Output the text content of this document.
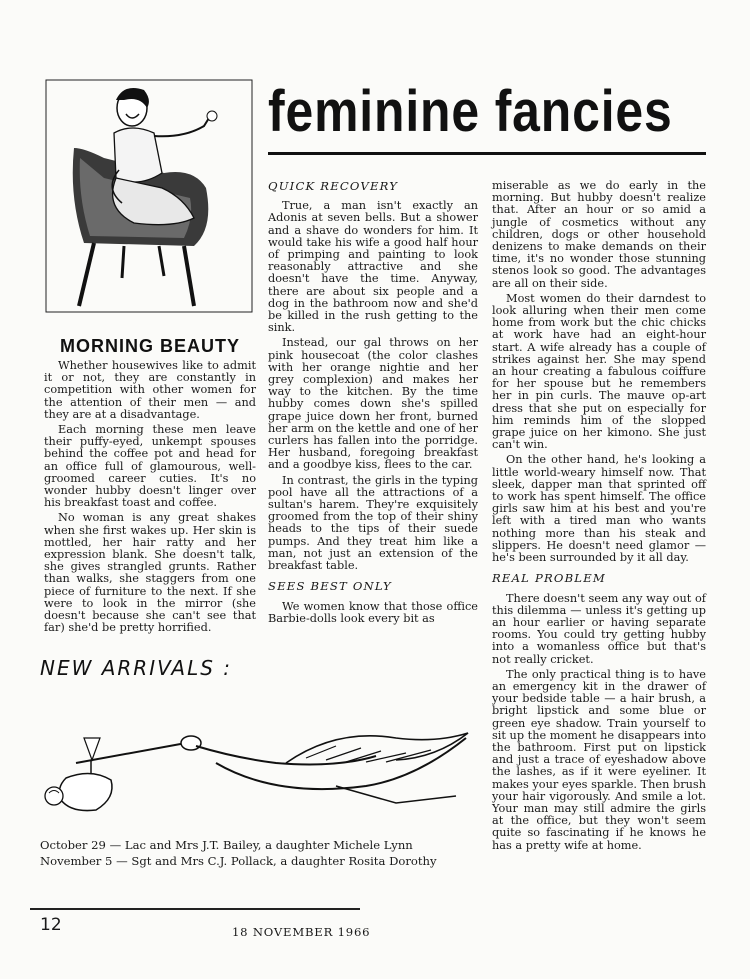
feminine fancies
MORNING BEAUTY

Whether housewives like to admit it or not, they are constantly in competition with other women for the attention of their men — and they are at a disadvantage.

Each morning these men leave their puffy-eyed, unkempt spouses behind the coffee pot and head for an office full of glamourous, well-groomed career cuties. It's no wonder hubby doesn't linger over his breakfast toast and coffee.

No woman is any great shakes when she first wakes up. Her skin is mottled, her hair ratty and her expression blank. She doesn't talk, she gives strangled grunts. Rather than walks, she staggers from one piece of furniture to the next. If she were to look in the mirror (she doesn't because she can't see that far) she'd be pretty horrified.

QUICK RECOVERY

True, a man isn't exactly an Adonis at seven bells. But a shower and a shave do wonders for him. It would take his wife a good half hour of primping and painting to look reasonably attractive and she doesn't have the time. Anyway, there are about six people and a dog in the bathroom now and she'd be killed in the rush getting to the sink.

Instead, our gal throws on her pink housecoat (the color clashes with her orange nightie and her grey complexion) and makes her way to the kitchen. By the time hubby comes down she's spilled grape juice down her front, burned her arm on the kettle and one of her curlers has fallen into the porridge. Her husband, foregoing breakfast and a goodbye kiss, flees to the car.

In contrast, the girls in the typing pool have all the attractions of a sultan's harem. They're exquisitely groomed from the top of their shiny heads to the tips of their suede pumps. And they treat him like a man, not just an extension of the breakfast table.

SEES BEST ONLY

We women know that those office Barbie-dolls look every bit as

miserable as we do early in the morning. But hubby doesn't realize that. After an hour or so amid a jungle of cosmetics without any children, dogs or other household denizens to make demands on their time, it's no wonder those stunning stenos look so good. The advantages are all on their side.

Most women do their darndest to look alluring when their men come home from work but the chic chicks at work have had an eight-hour start. A wife already has a couple of strikes against her. She may spend an hour creating a fabulous coiffure for her spouse but he remembers her in pin curls. The mauve op-art dress that she put on especially for him reminds him of the slopped grape juice on her kimono. She just can't win.

On the other hand, he's looking a little world-weary himself now. That sleek, dapper man that sprinted off to work has spent himself. The office girls saw him at his best and you're left with a tired man who wants nothing more than his steak and slippers. He doesn't need glamor — he's been surrounded by it all day.

REAL PROBLEM

There doesn't seem any way out of this dilemma — unless it's getting up an hour earlier or having separate rooms. You could try getting hubby into a womanless office but that's not really cricket.

The only practical thing is to have an emergency kit in the drawer of your bedside table — a hair brush, a bright lipstick and some blue or green eye shadow. Train yourself to sit up the moment he disappears into the bathroom. First put on lipstick and just a trace of eyeshadow above the lashes, as if it were eyeliner. It makes your eyes sparkle. Then brush your hair vigorously. And smile a lot. Your man may still admire the girls at the office, but they won't seem quite so fascinating if he knows he has a pretty wife at home.

NEW ARRIVALS :
October 29 — Lac and Mrs J.T. Bailey, a daughter Michele Lynn
November 5 — Sgt and Mrs C.J. Pollack, a daughter Rosita Dorothy
12	18 NOVEMBER 1966
